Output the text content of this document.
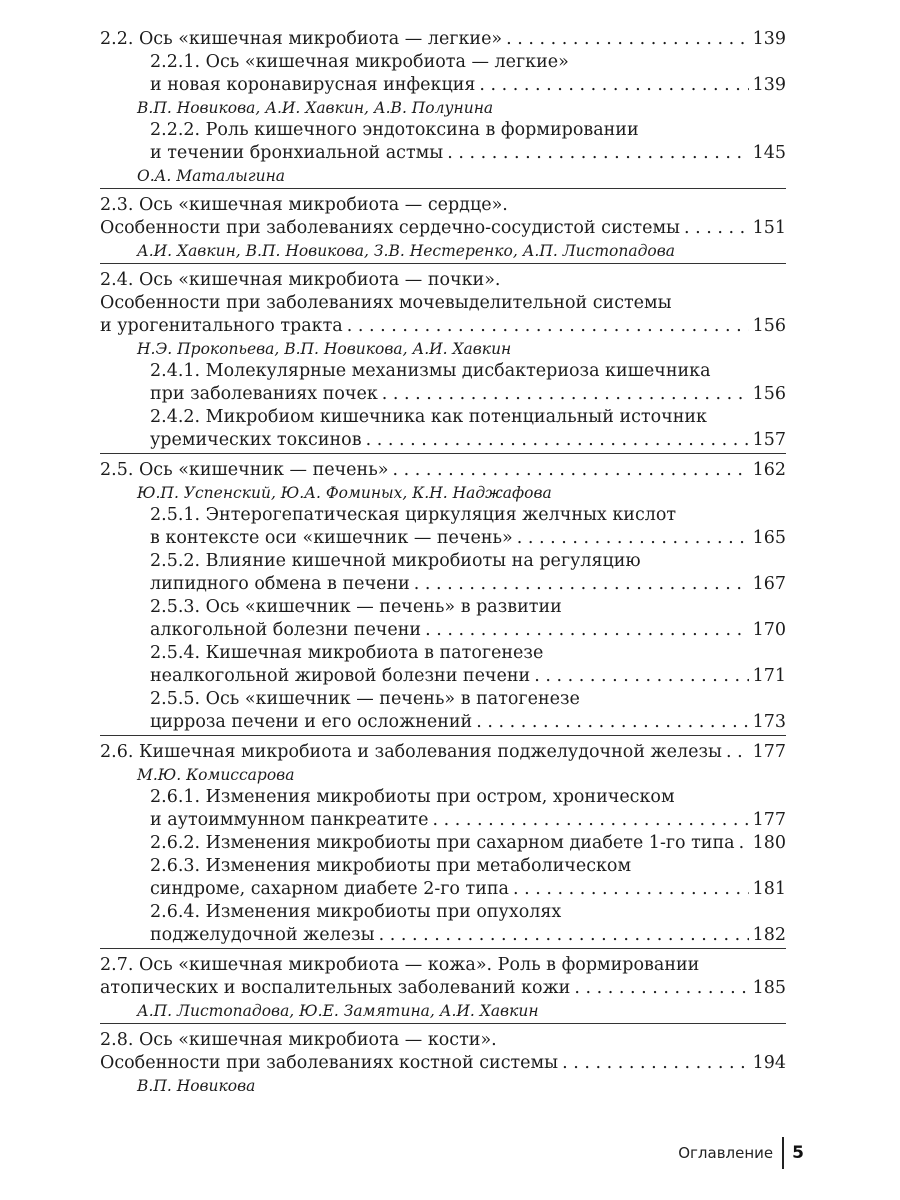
2.2. Ось «кишечная микробиота — легкие» . . .	139
2.2.1. Ось «кишечная микробиота — легкие»
и новая коронавирусная инфекция . . .	139
В.П. Новикова, А.И. Хавкин, А.В. Полунина
2.2.2. Роль кишечного эндотоксина в формировании
и течении бронхиальной астмы . . .	145
О.А. Маталыгина
2.3. Ось «кишечная микробиота — сердце».
Особенности при заболеваниях сердечно-сосудистой системы . . .	151
А.И. Хавкин, В.П. Новикова, З.В. Нестеренко, А.П. Листопадова
2.4. Ось «кишечная микробиота — почки».
Особенности при заболеваниях мочевыделительной системы
и урогенитального тракта . . .	156
Н.Э. Прокопьева, В.П. Новикова, А.И. Хавкин
2.4.1. Молекулярные механизмы дисбактериоза кишечника
при заболеваниях почек . . .	156
2.4.2. Микробиом кишечника как потенциальный источник
уремических токсинов . . .	157
2.5. Ось «кишечник — печень» . . .	162
Ю.П. Успенский, Ю.А. Фоминых, К.Н. Наджафова
2.5.1. Энтерогепатическая циркуляция желчных кислот
в контексте оси «кишечник — печень» . . .	165
2.5.2. Влияние кишечной микробиоты на регуляцию
липидного обмена в печени . . .	167
2.5.3. Ось «кишечник — печень» в развитии
алкогольной болезни печени . . .	170
2.5.4. Кишечная микробиота в патогенезе
неалкогольной жировой болезни печени . . .	171
2.5.5. Ось «кишечник — печень» в патогенезе
цирроза печени и его осложнений . . .	173
2.6. Кишечная микробиота и заболевания поджелудочной железы . . . 177
М.Ю. Комиссарова
2.6.1. Изменения микробиоты при остром, хроническом
и аутоиммунном панкреатите . . .	177
2.6.2. Изменения микробиоты при сахарном диабете 1-го типа . . . 180
2.6.3. Изменения микробиоты при метаболическом
синдроме, сахарном диабете 2-го типа . . .	181
2.6.4. Изменения микробиоты при опухолях
поджелудочной железы . . .	182
2.7. Ось «кишечная микробиота — кожа». Роль в формировании
атопических и воспалительных заболеваний кожи . . .	185
А.П. Листопадова, Ю.Е. Замятина, А.И. Хавкин
2.8. Ось «кишечная микробиота — кости».
Особенности при заболеваниях костной системы . . .	194
В.П. Новикова
Оглавление 5
